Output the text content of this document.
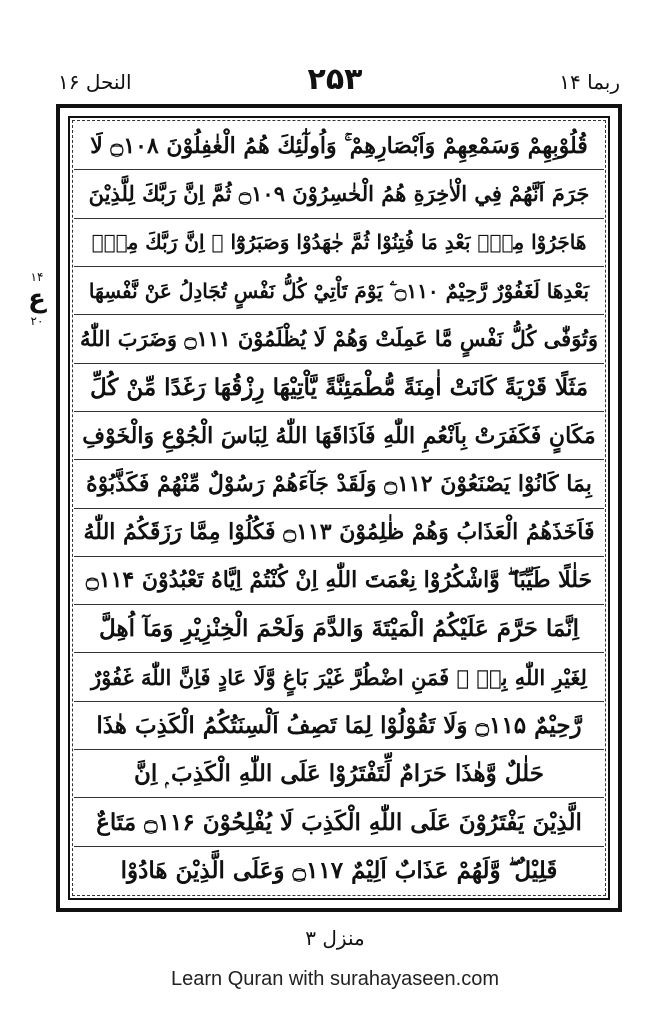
ربما ۱۴
۲۵۳
النحل ۱۶
۱۴
ع
۲۰
قُلُوْبِهِمْ وَسَمْعِهِمْ وَاَبْصَارِهِمْ ۚ وَاُولٰٓئِكَ هُمُ الْغٰفِلُوْنَ ۝۱۰۸ لَا
جَرَمَ اَنَّهُمْ فِي الْاٰخِرَةِ هُمُ الْخٰسِرُوْنَ ۝۱۰۹ ثُمَّ اِنَّ رَبَّكَ لِلَّذِيْنَ
هَاجَرُوْا مِنْۢ بَعْدِ مَا فُتِنُوْا ثُمَّ جٰهَدُوْا وَصَبَرُوْٓا ۙ اِنَّ رَبَّكَ مِنْۢ
بَعْدِهَا لَغَفُوْرٌ رَّحِيْمٌ ۝۱۱۰ ۧ يَوْمَ تَاْتِيْ كُلُّ نَفْسٍ تُجَادِلُ عَنْ نَّفْسِهَا
وَتُوَفّٰى كُلُّ نَفْسٍ مَّا عَمِلَتْ وَهُمْ لَا يُظْلَمُوْنَ ۝۱۱۱ وَضَرَبَ اللّٰهُ
مَثَلًا قَرْيَةً كَانَتْ اٰمِنَةً مُّطْمَئِنَّةً يَّاْتِيْهَا رِزْقُهَا رَغَدًا مِّنْ كُلِّ
مَكَانٍ فَكَفَرَتْ بِاَنْعُمِ اللّٰهِ فَاَذَاقَهَا اللّٰهُ لِبَاسَ الْجُوْعِ وَالْخَوْفِ
بِمَا كَانُوْا يَصْنَعُوْنَ ۝۱۱۲ وَلَقَدْ جَآءَهُمْ رَسُوْلٌ مِّنْهُمْ فَكَذَّبُوْهُ
فَاَخَذَهُمُ الْعَذَابُ وَهُمْ ظٰلِمُوْنَ ۝۱۱۳ فَكُلُوْا مِمَّا رَزَقَكُمُ اللّٰهُ
حَلٰلًا طَيِّبًا ۖ وَّاشْكُرُوْا نِعْمَتَ اللّٰهِ اِنْ كُنْتُمْ اِيَّاهُ تَعْبُدُوْنَ ۝۱۱۴
اِنَّمَا حَرَّمَ عَلَيْكُمُ الْمَيْتَةَ وَالدَّمَ وَلَحْمَ الْخِنْزِيْرِ وَمَآ اُهِلَّ
لِغَيْرِ اللّٰهِ بِهٖ ۚ فَمَنِ اضْطُرَّ غَيْرَ بَاغٍ وَّلَا عَادٍ فَاِنَّ اللّٰهَ غَفُوْرٌ
رَّحِيْمٌ ۝۱۱۵ وَلَا تَقُوْلُوْا لِمَا تَصِفُ اَلْسِنَتُكُمُ الْكَذِبَ هٰذَا
حَلٰلٌ وَّهٰذَا حَرَامٌ لِّتَفْتَرُوْا عَلَى اللّٰهِ الْكَذِبَ ۭ اِنَّ
الَّذِيْنَ يَفْتَرُوْنَ عَلَى اللّٰهِ الْكَذِبَ لَا يُفْلِحُوْنَ ۝۱۱۶ مَتَاعٌ
قَلِيْلٌ ۖ وَّلَهُمْ عَذَابٌ اَلِيْمٌ ۝۱۱۷ وَعَلَى الَّذِيْنَ هَادُوْا
منزل ۳
Learn Quran with surahayaseen.com
